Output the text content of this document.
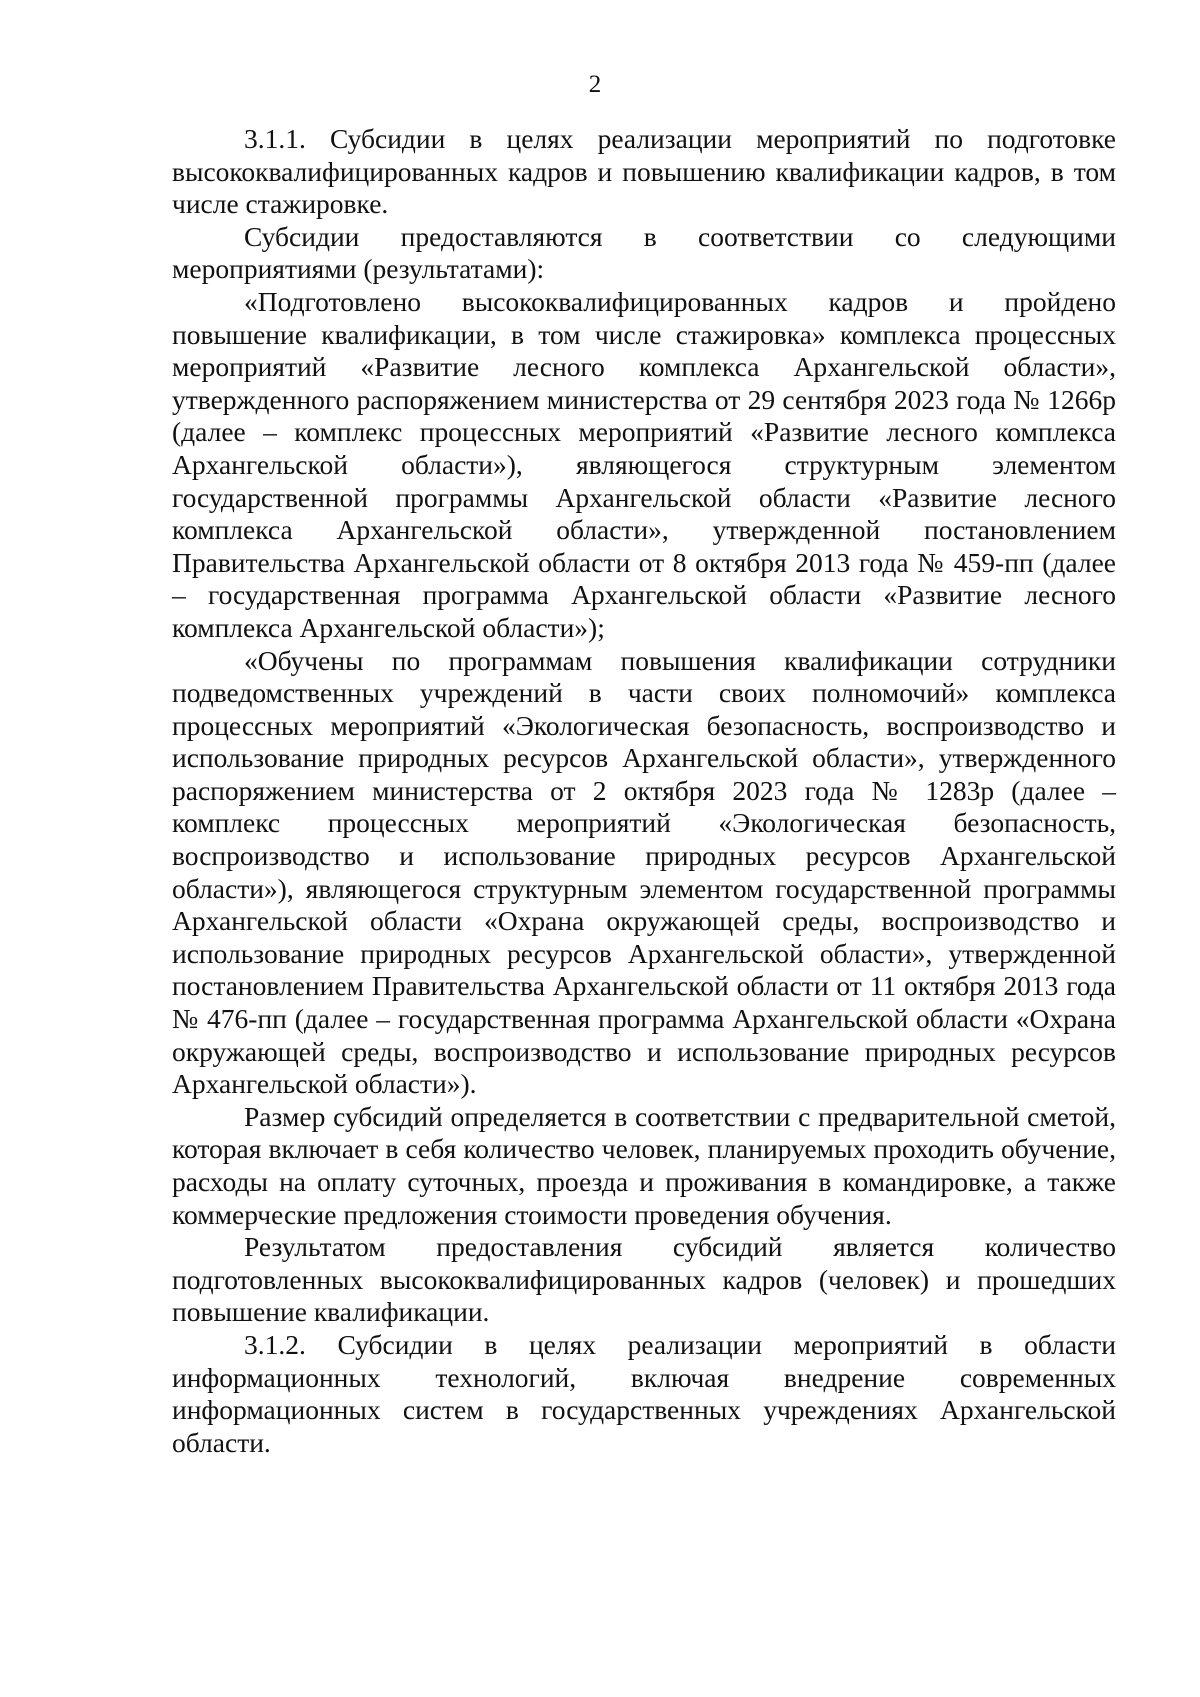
2

3.1.1. Субсидии в целях реализации мероприятий по подготовке высококвалифицированных кадров и повышению квалификации кадров, в том числе стажировке.

Субсидии предоставляются в соответствии со следующими мероприятиями (результатами):

«Подготовлено высококвалифицированных кадров и пройдено повышение квалификации, в том числе стажировка» комплекса процессных мероприятий «Развитие лесного комплекса Архангельской области», утвержденного распоряжением министерства от 29 сентября 2023 года № 1266р (далее – комплекс процессных мероприятий «Развитие лесного комплекса Архангельской области»), являющегося структурным элементом государственной программы Архангельской области «Развитие лесного комплекса Архангельской области», утвержденной постановлением Правительства Архангельской области от 8 октября 2013 года № 459-пп (далее – государственная программа Архангельской области «Развитие лесного комплекса Архангельской области»);

«Обучены по программам повышения квалификации сотрудники подведомственных учреждений в части своих полномочий» комплекса процессных мероприятий «Экологическая безопасность, воспроизводство и использование природных ресурсов Архангельской области», утвержденного распоряжением министерства от 2 октября 2023 года № 1283р (далее – комплекс процессных мероприятий «Экологическая безопасность, воспроизводство и использование природных ресурсов Архангельской области»), являющегося структурным элементом государственной программы Архангельской области «Охрана окружающей среды, воспроизводство и использование природных ресурсов Архангельской области», утвержденной постановлением Правительства Архангельской области от 11 октября 2013 года № 476-пп (далее – государственная программа Архангельской области «Охрана окружающей среды, воспроизводство и использование природных ресурсов Архангельской области»).

Размер субсидий определяется в соответствии с предварительной сметой, которая включает в себя количество человек, планируемых проходить обучение, расходы на оплату суточных, проезда и проживания в командировке, а также коммерческие предложения стоимости проведения обучения.

Результатом предоставления субсидий является количество подготовленных высококвалифицированных кадров (человек) и прошедших повышение квалификации.

3.1.2. Субсидии в целях реализации мероприятий в области информационных технологий, включая внедрение современных информационных систем в государственных учреждениях Архангельской области.
